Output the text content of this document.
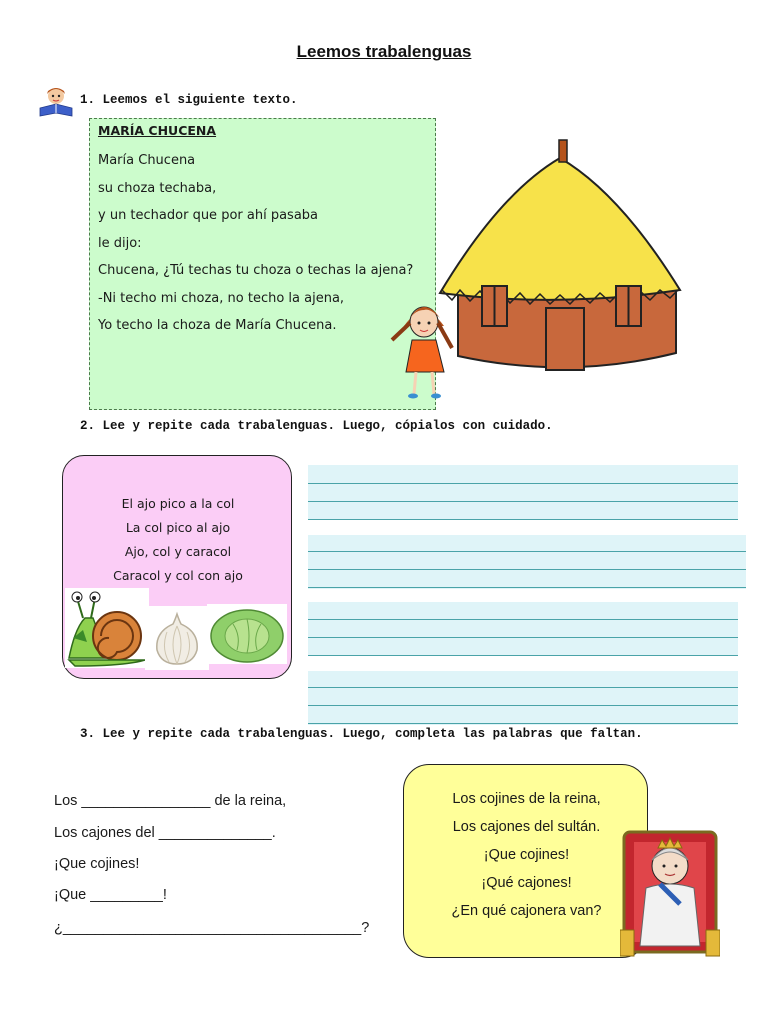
Leemos trabalenguas
1. Leemos el siguiente texto.
MARÍA CHUCENA
María Chucena
su choza techaba,
y un techador que por ahí pasaba
le dijo:
Chucena, ¿Tú techas tu choza o techas la ajena?
-Ni techo mi choza, no techo la ajena,
Yo techo la choza de María Chucena.
2. Lee y repite cada trabalenguas. Luego, cópialos con cuidado.
El ajo pico a la col
La col pico al ajo
Ajo, col y caracol
Caracol y col con ajo
3. Lee y repite cada trabalenguas. Luego, completa las palabras que faltan.
Los ________________ de la reina,
Los cajones del ______________.
¡Que cojines!
¡Que _________!
¿_____________________________________?
Los cojines de la reina,
Los cajones del sultán.
¡Que cojines!
¡Qué cajones!
¿En qué cajonera van?
